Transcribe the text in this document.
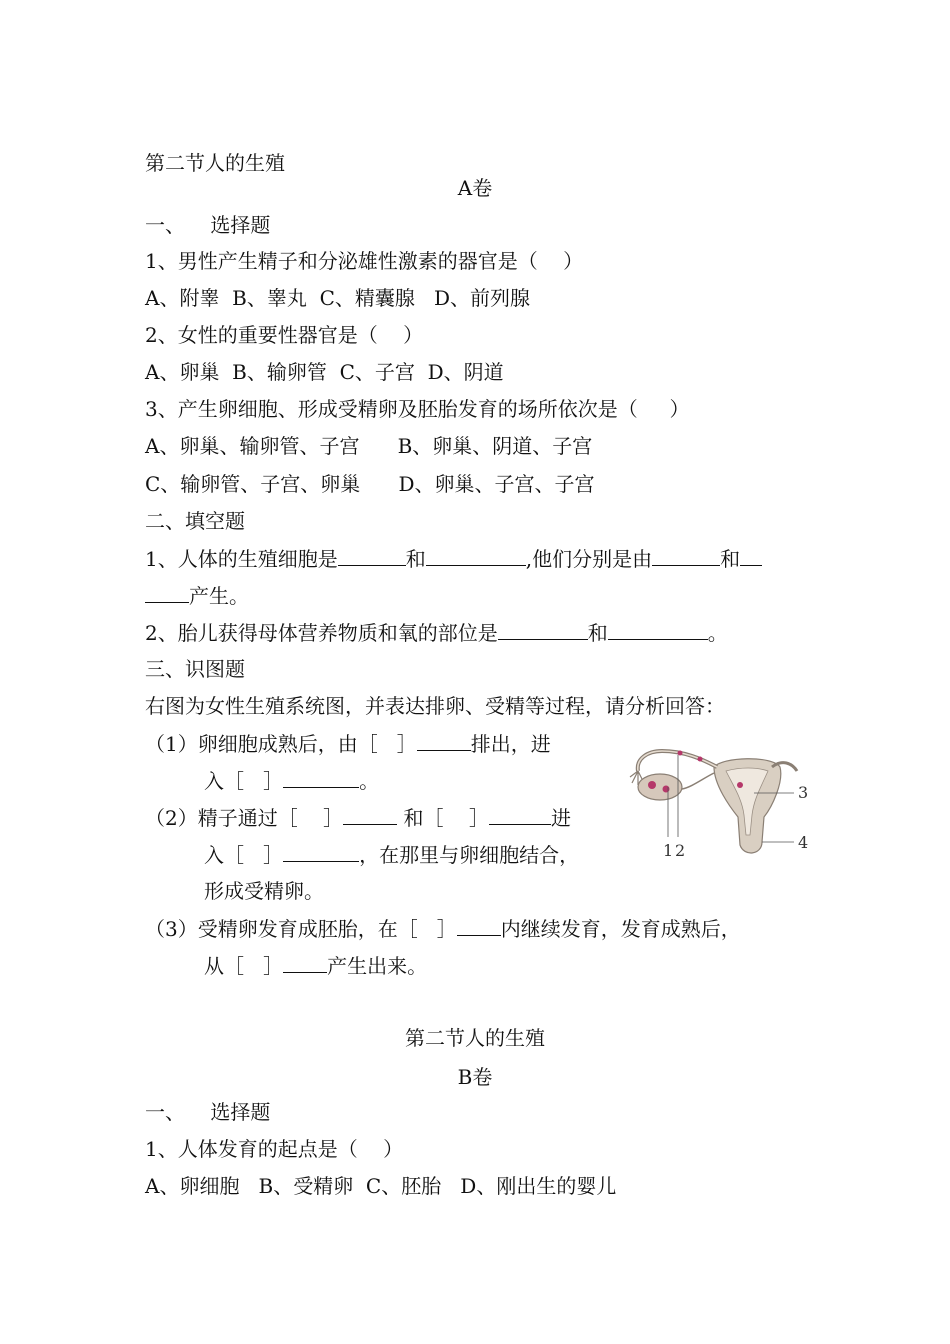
第二节人的生殖
A卷
一、    选择题
1、男性产生精子和分泌雄性激素的器官是（    ）
A、附睾  B、睾丸  C、精囊腺   D、前列腺
2、女性的重要性器官是（    ）
A、卵巢  B、输卵管  C、子宫  D、阴道
3、产生卵细胞、形成受精卵及胚胎发育的场所依次是（     ）
A、卵巢、输卵管、子宫      B、卵巢、阴道、子宫
C、输卵管、子宫、卵巢      D、卵巢、子宫、子宫
二、填空题
1、人体的生殖细胞是	和	,他们分别是由	和
产生。
2、胎儿获得母体营养物质和氧的部位是	和	。
三、识图题
右图为女性生殖系统图，并表达排卵、受精等过程，请分析回答：
（1）卵细胞成熟后，由［   ］	排出，进
入［   ］	。
（2）精子通过［    ］	和［    ］	进
入［   ］	，在那里与卵细胞结合，
形成受精卵。
（3）受精卵发育成胚胎，在［   ］ 内继续发育，发育成熟后，
从［   ］ 产生出来。
1 2
3
4
第二节人的生殖
B卷
一、    选择题
1、人体发育的起点是（    ）
A、卵细胞   B、受精卵  C、胚胎   D、刚出生的婴儿
